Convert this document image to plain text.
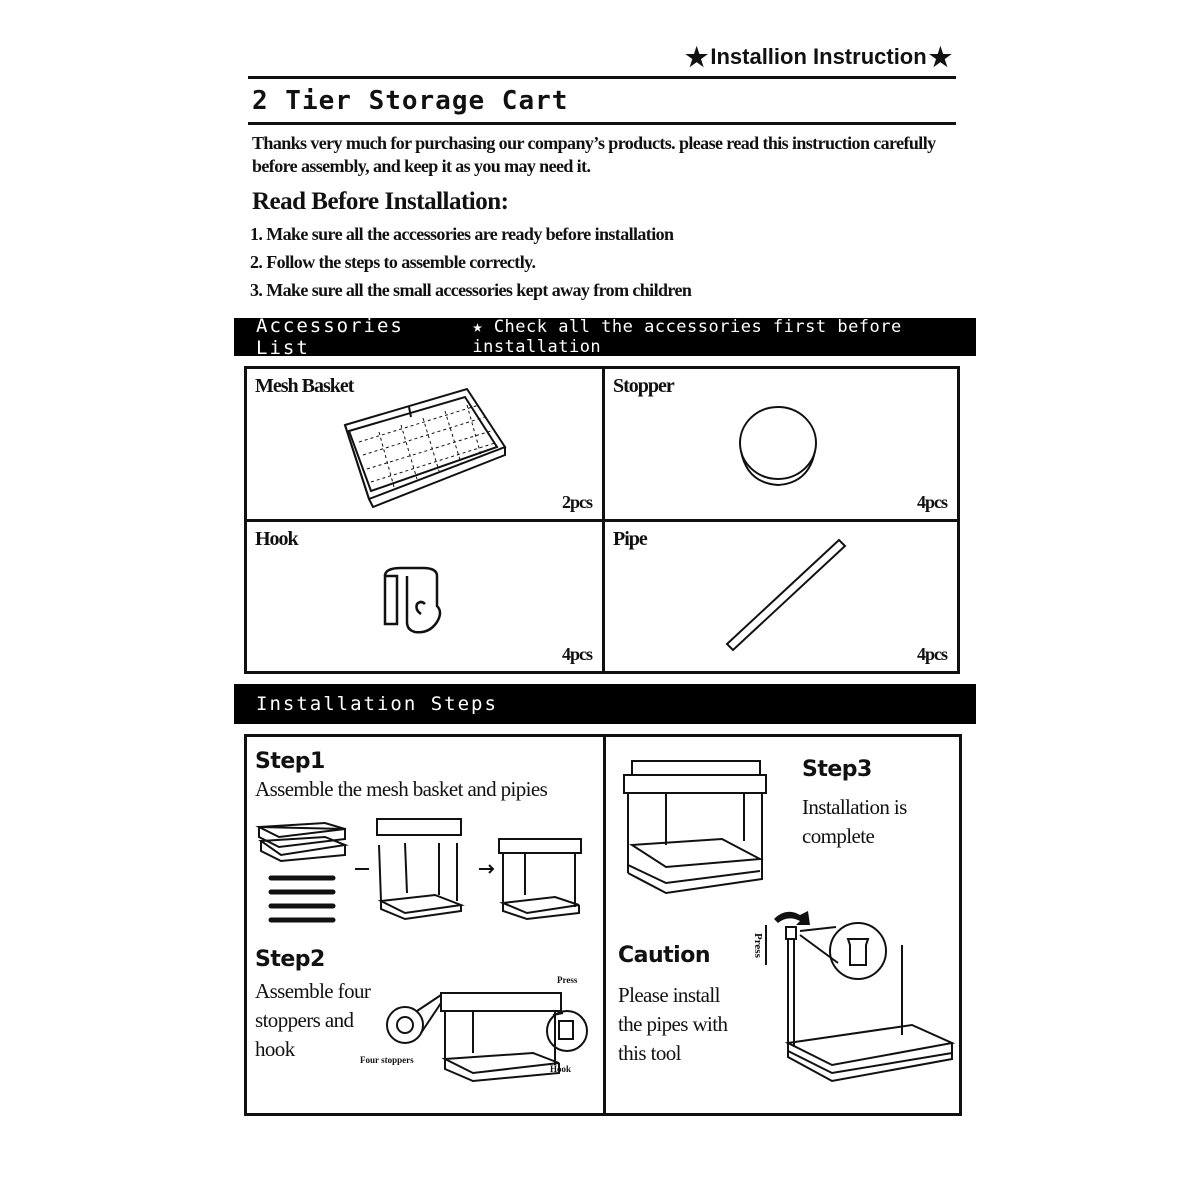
★ Installion Instruction ★
2 Tier Storage Cart
Thanks very much for purchasing our company’s products. please read this instruction carefully before assembly, and keep it as you may need it.
Read Before Installation:
1. Make sure all the accessories are ready before installation
2. Follow the steps to assemble correctly.
3. Make sure all the small accessories kept away from children
Accessories List
★ Check all the accessories first before installation
Mesh Basket
2pcs
Stopper
4pcs
Hook
4pcs
Pipe
4pcs
Installation Steps
Step1
Assemble the mesh basket and pipies
Step2
Assemble four
stoppers and
hook	Four stoppers
Hook
Press
Step3
Installation is
complete
Caution
Please install
the pipes with
this tool
Press
